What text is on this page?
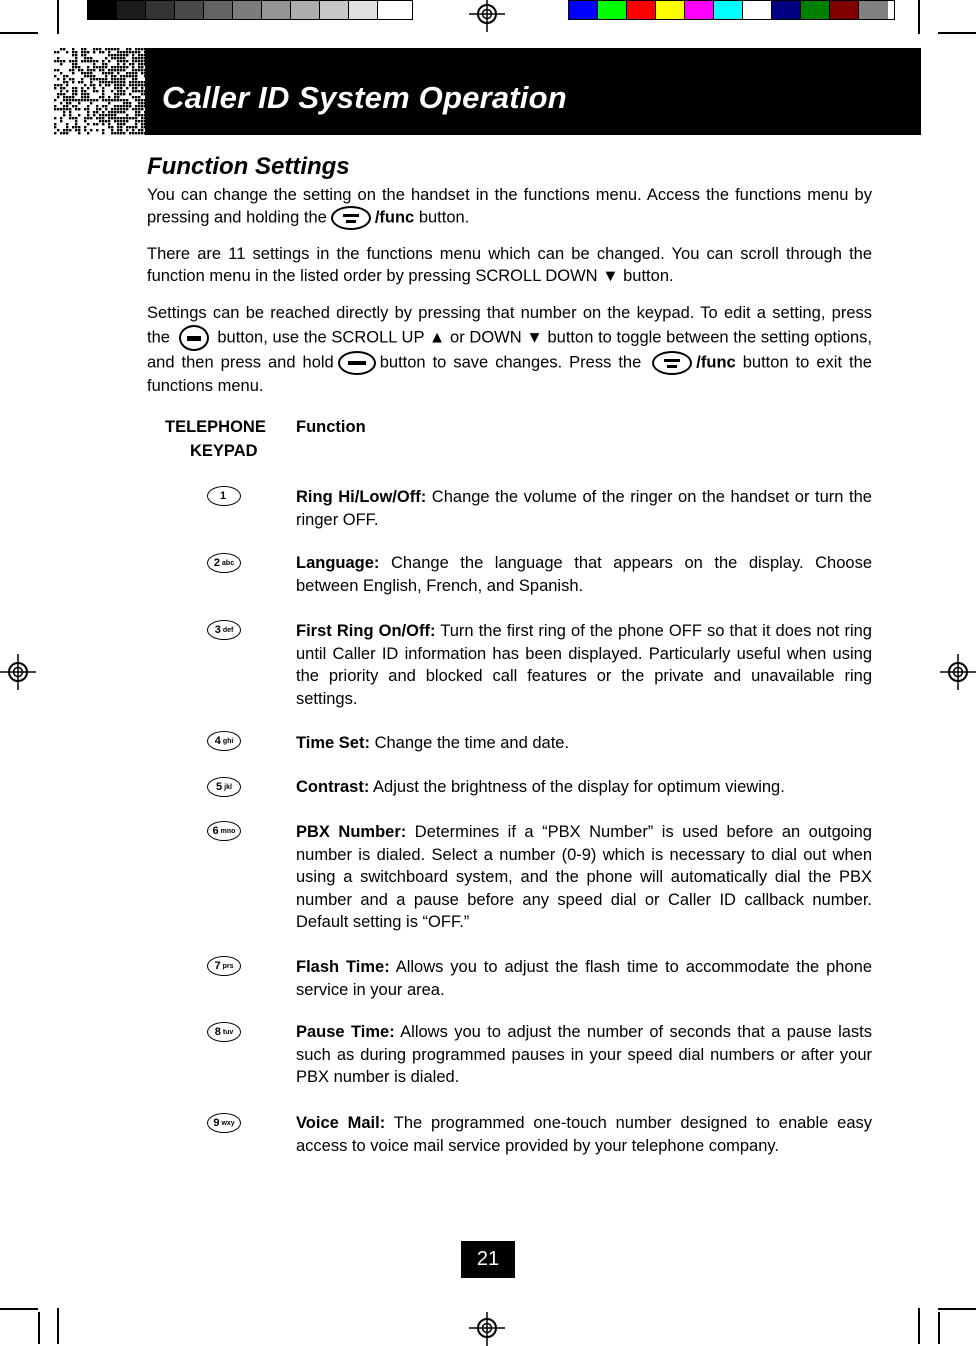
Caller ID System Operation
Function Settings
You can change the setting on the handset in the functions menu. Access the functions menu by pressing and holding the	/func button.
There are 11 settings in the functions menu which can be changed. You can scroll through the function menu in the listed order by pressing SCROLL DOWN ▼ button.
Settings can be reached directly by pressing that number on the keypad. To edit a setting, press the	button, use the SCROLL UP ▲ or DOWN ▼ button to toggle between the setting options, and then press and hold	button to save changes. Press the	/func button to exit the functions menu.
TELEPHONE
KEYPAD
Function
1	Ring Hi/Low/Off: Change the volume of the ringer on the handset or turn the ringer OFF.
2 abc	Language: Change the language that appears on the display. Choose between English, French, and Spanish.
3 def	First Ring On/Off: Turn the first ring of the phone OFF so that it does not ring until Caller ID information has been displayed. Particularly useful when using the priority and blocked call features or the private and unavailable ring settings.
4 ghi	Time Set: Change the time and date.
5 jkl	Contrast: Adjust the brightness of the display for optimum viewing.
6 mno	PBX Number: Determines if a “PBX Number” is used before an outgoing number is dialed. Select a number (0-9) which is necessary to dial out when using a switchboard system, and the phone will automatically dial the PBX number and a pause before any speed dial or Caller ID callback number. Default setting is “OFF.”
7 prs	Flash Time: Allows you to adjust the flash time to accommodate the phone service in your area.
8 tuv	Pause Time: Allows you to adjust the number of seconds that a pause lasts such as during programmed pauses in your speed dial numbers or after your PBX number is dialed.
9 wxy	Voice Mail: The programmed one-touch number designed to enable easy access to voice mail service provided by your telephone company.
21
